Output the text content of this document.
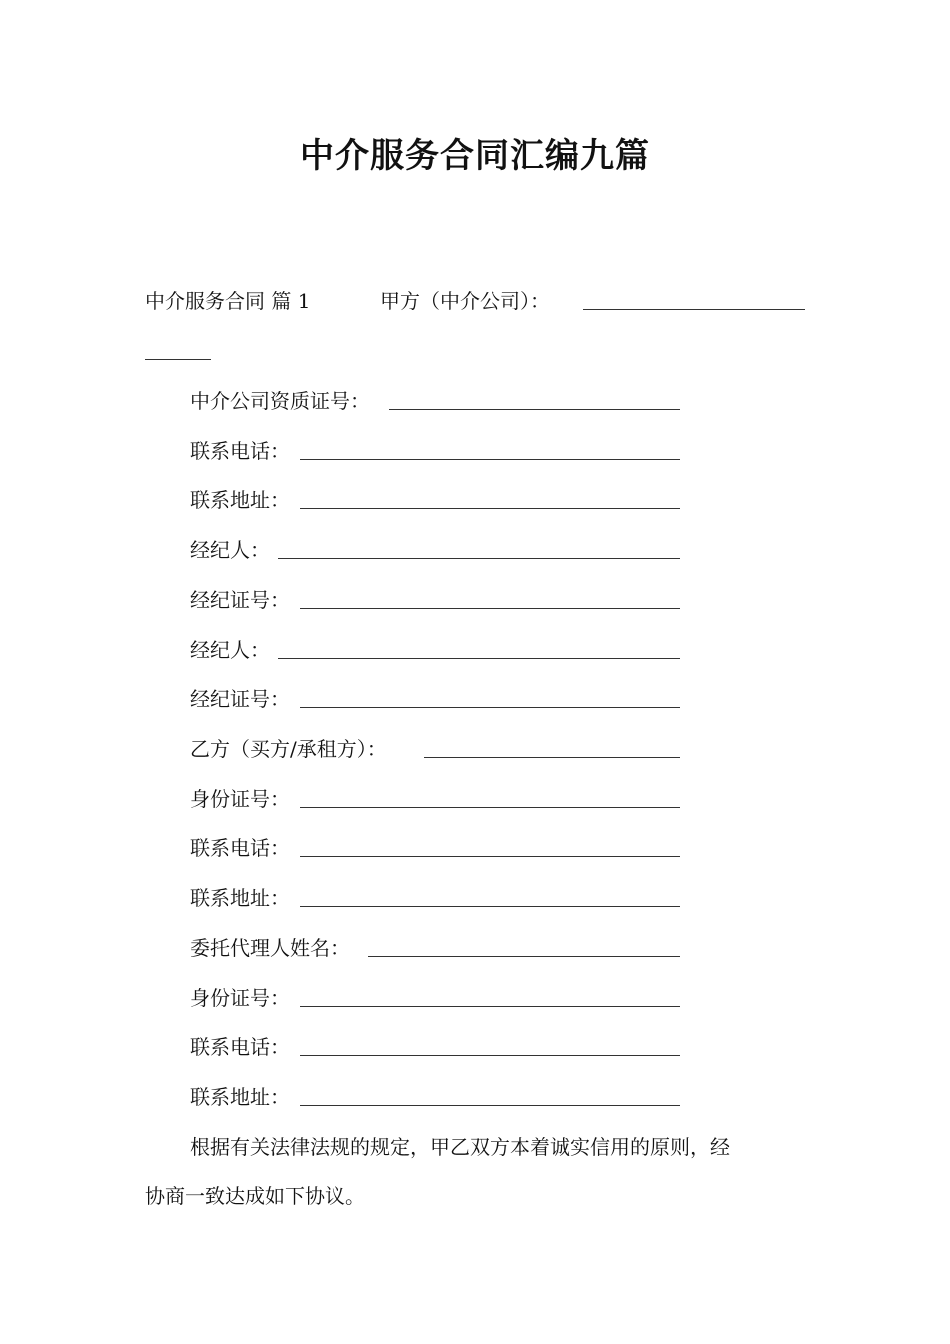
中介服务合同汇编九篇
中介服务合同 篇 1	甲方（中介公司）：
中介公司资质证号：
联系电话：
联系地址：
经纪人：
经纪证号：
经纪人：
经纪证号：
乙方（买方/承租方）：
身份证号：
联系电话：
联系地址：
委托代理人姓名：
身份证号：
联系电话：
联系地址：
根据有关法律法规的规定，甲乙双方本着诚实信用的原则，经
协商一致达成如下协议。
